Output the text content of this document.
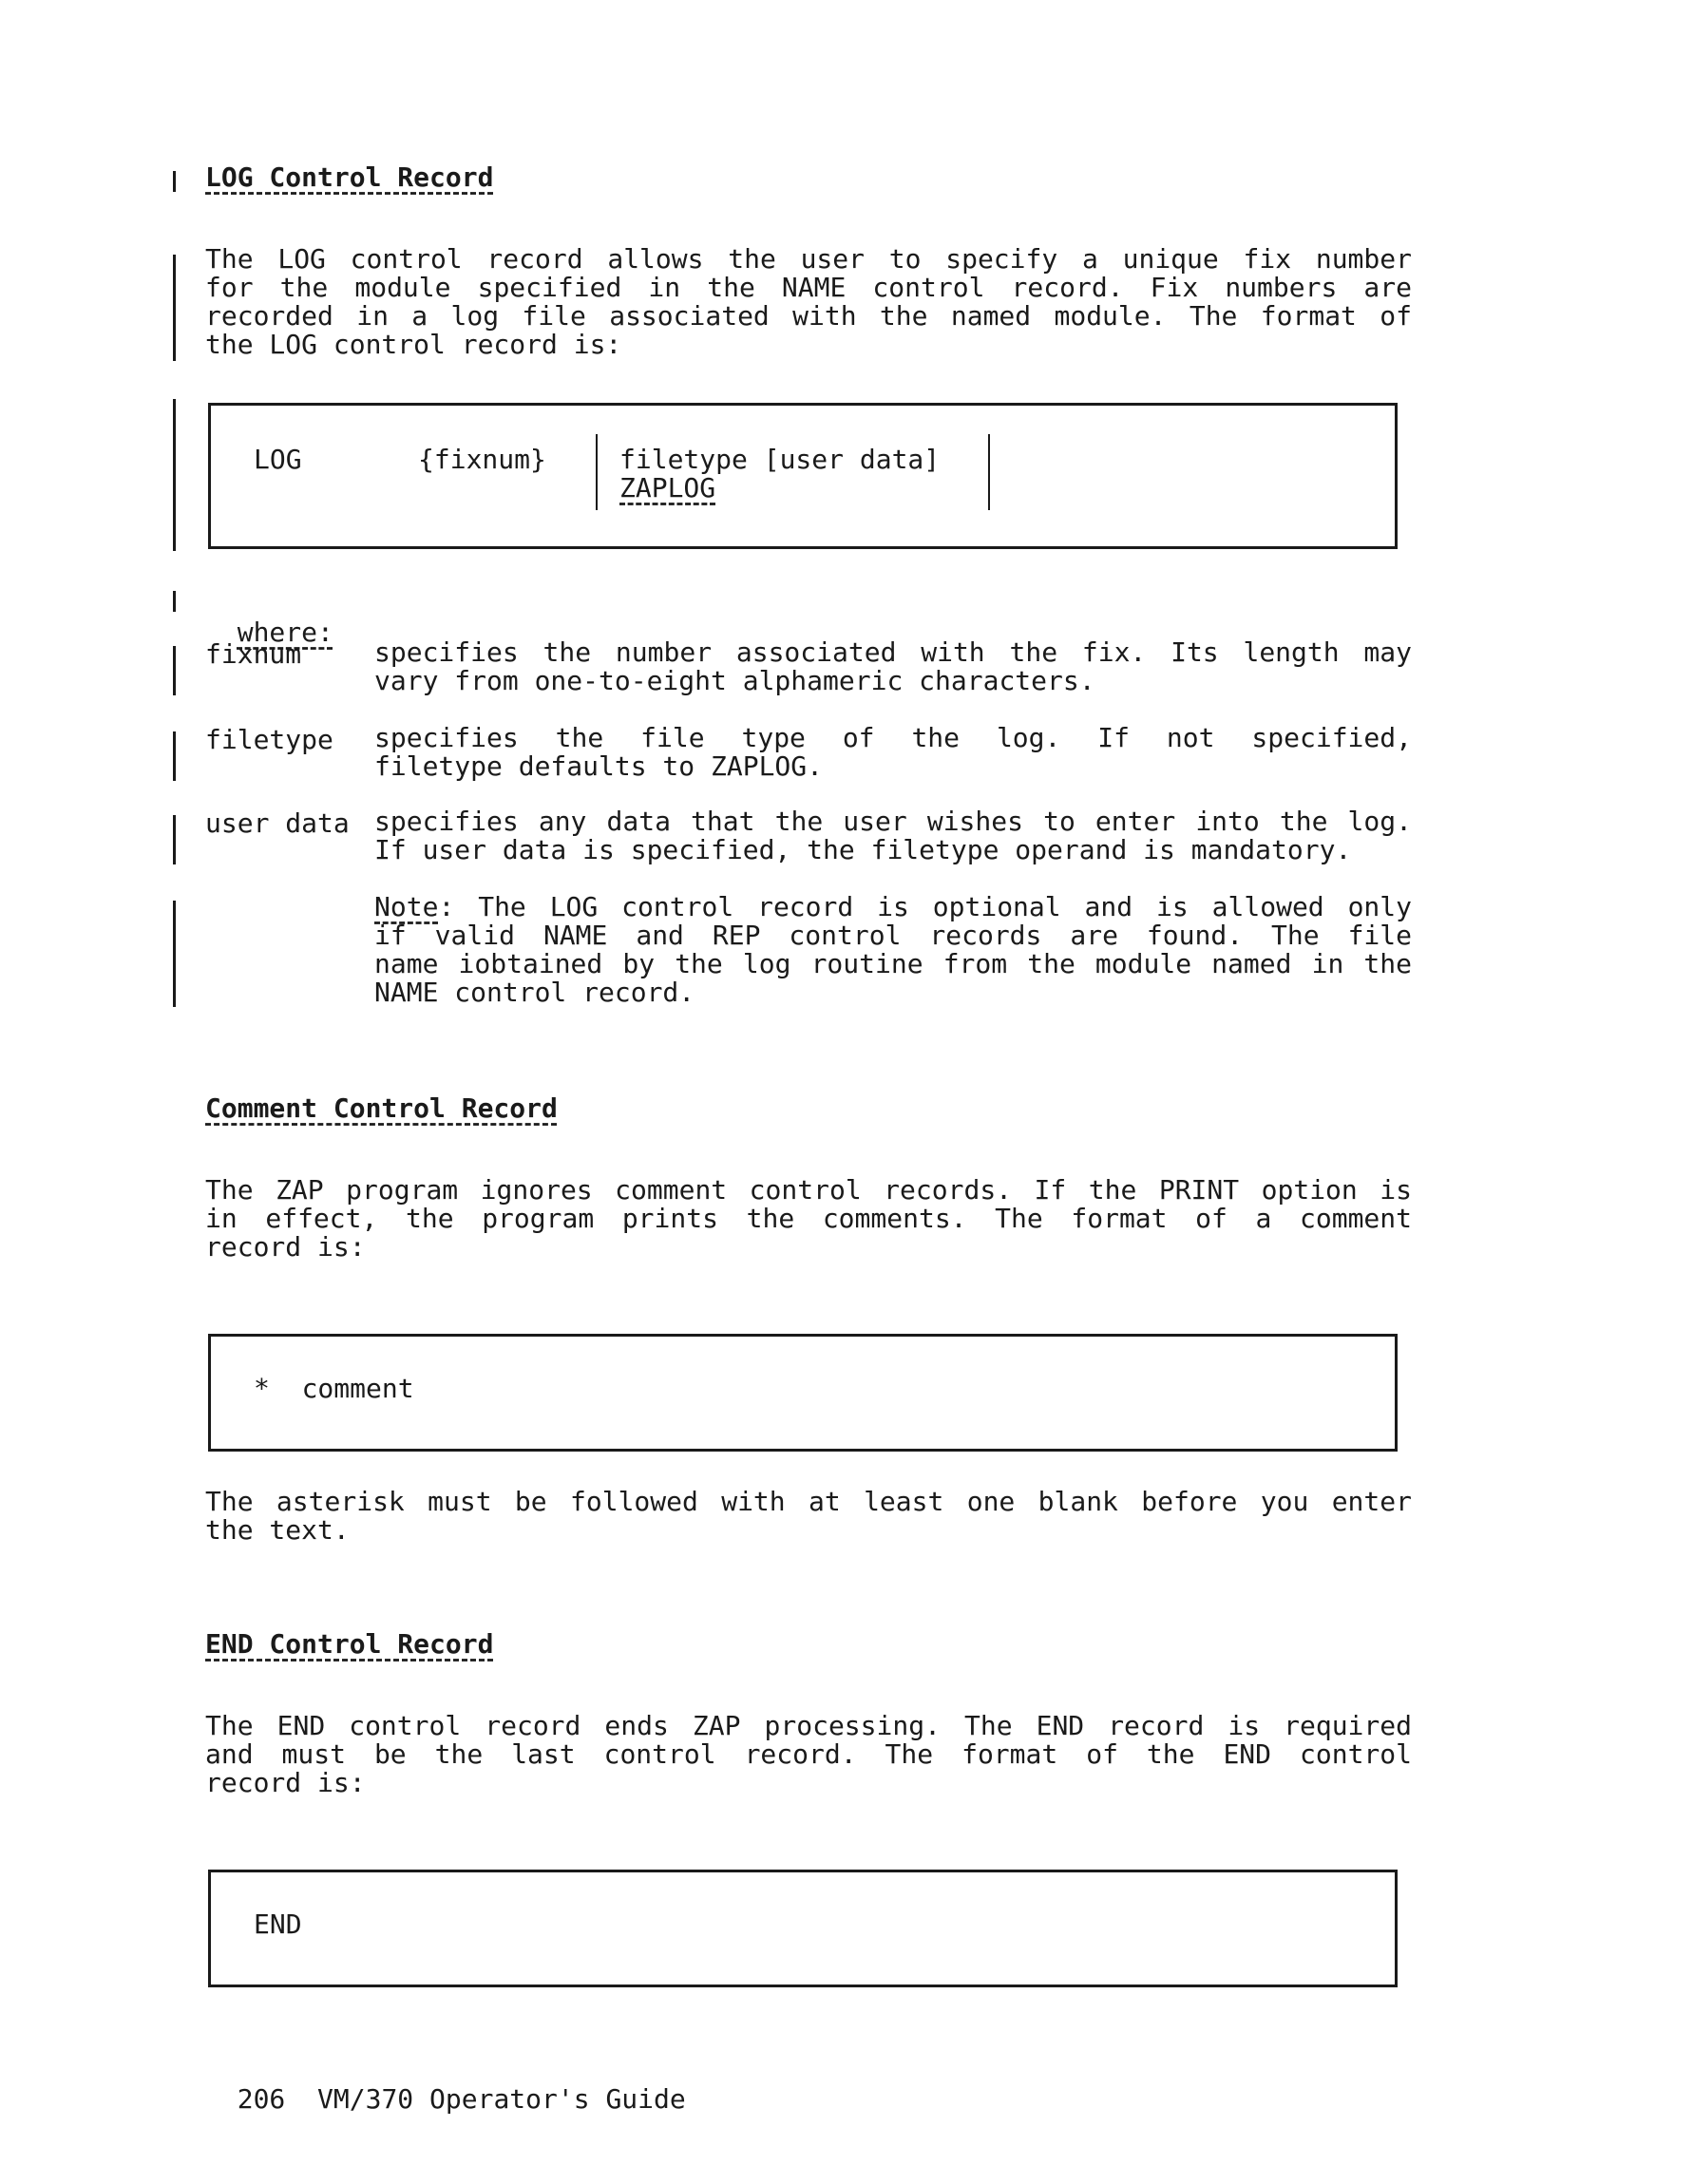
LOG Control Record
The LOG control record allows the user to specify a unique fix number
for the module specified in the NAME control record. Fix numbers are
recorded in a log file associated with the named module. The format of
the LOG control record is:
LOG	{fixnum}	filetype [user data]
ZAPLOG

where:

fixnum	specifies the number associated with the fix. Its length may
vary from one-to-eight alphameric characters.
filetype specifies the file type of the log. If not specified,
filetype defaults to ZAPLOG.
user data specifies any data that the user wishes to enter into the log.
If user data is specified, the filetype operand is mandatory.
Note: The LOG control record is optional and is allowed only
if valid NAME and REP control records are found. The file
name iobtained by the log routine from the module named in the
NAME control record.
Comment Control Record
The ZAP program ignores comment control records. If the PRINT option is
in effect, the program prints the comments. The format of a comment
record is:
*  comment
The asterisk must be followed with at least one blank before you enter
the text.
END Control Record
The END control record ends ZAP processing. The END record is required
and must be the last control record. The format of the END control
record is:
END

206 VM/370 Operator's Guide
